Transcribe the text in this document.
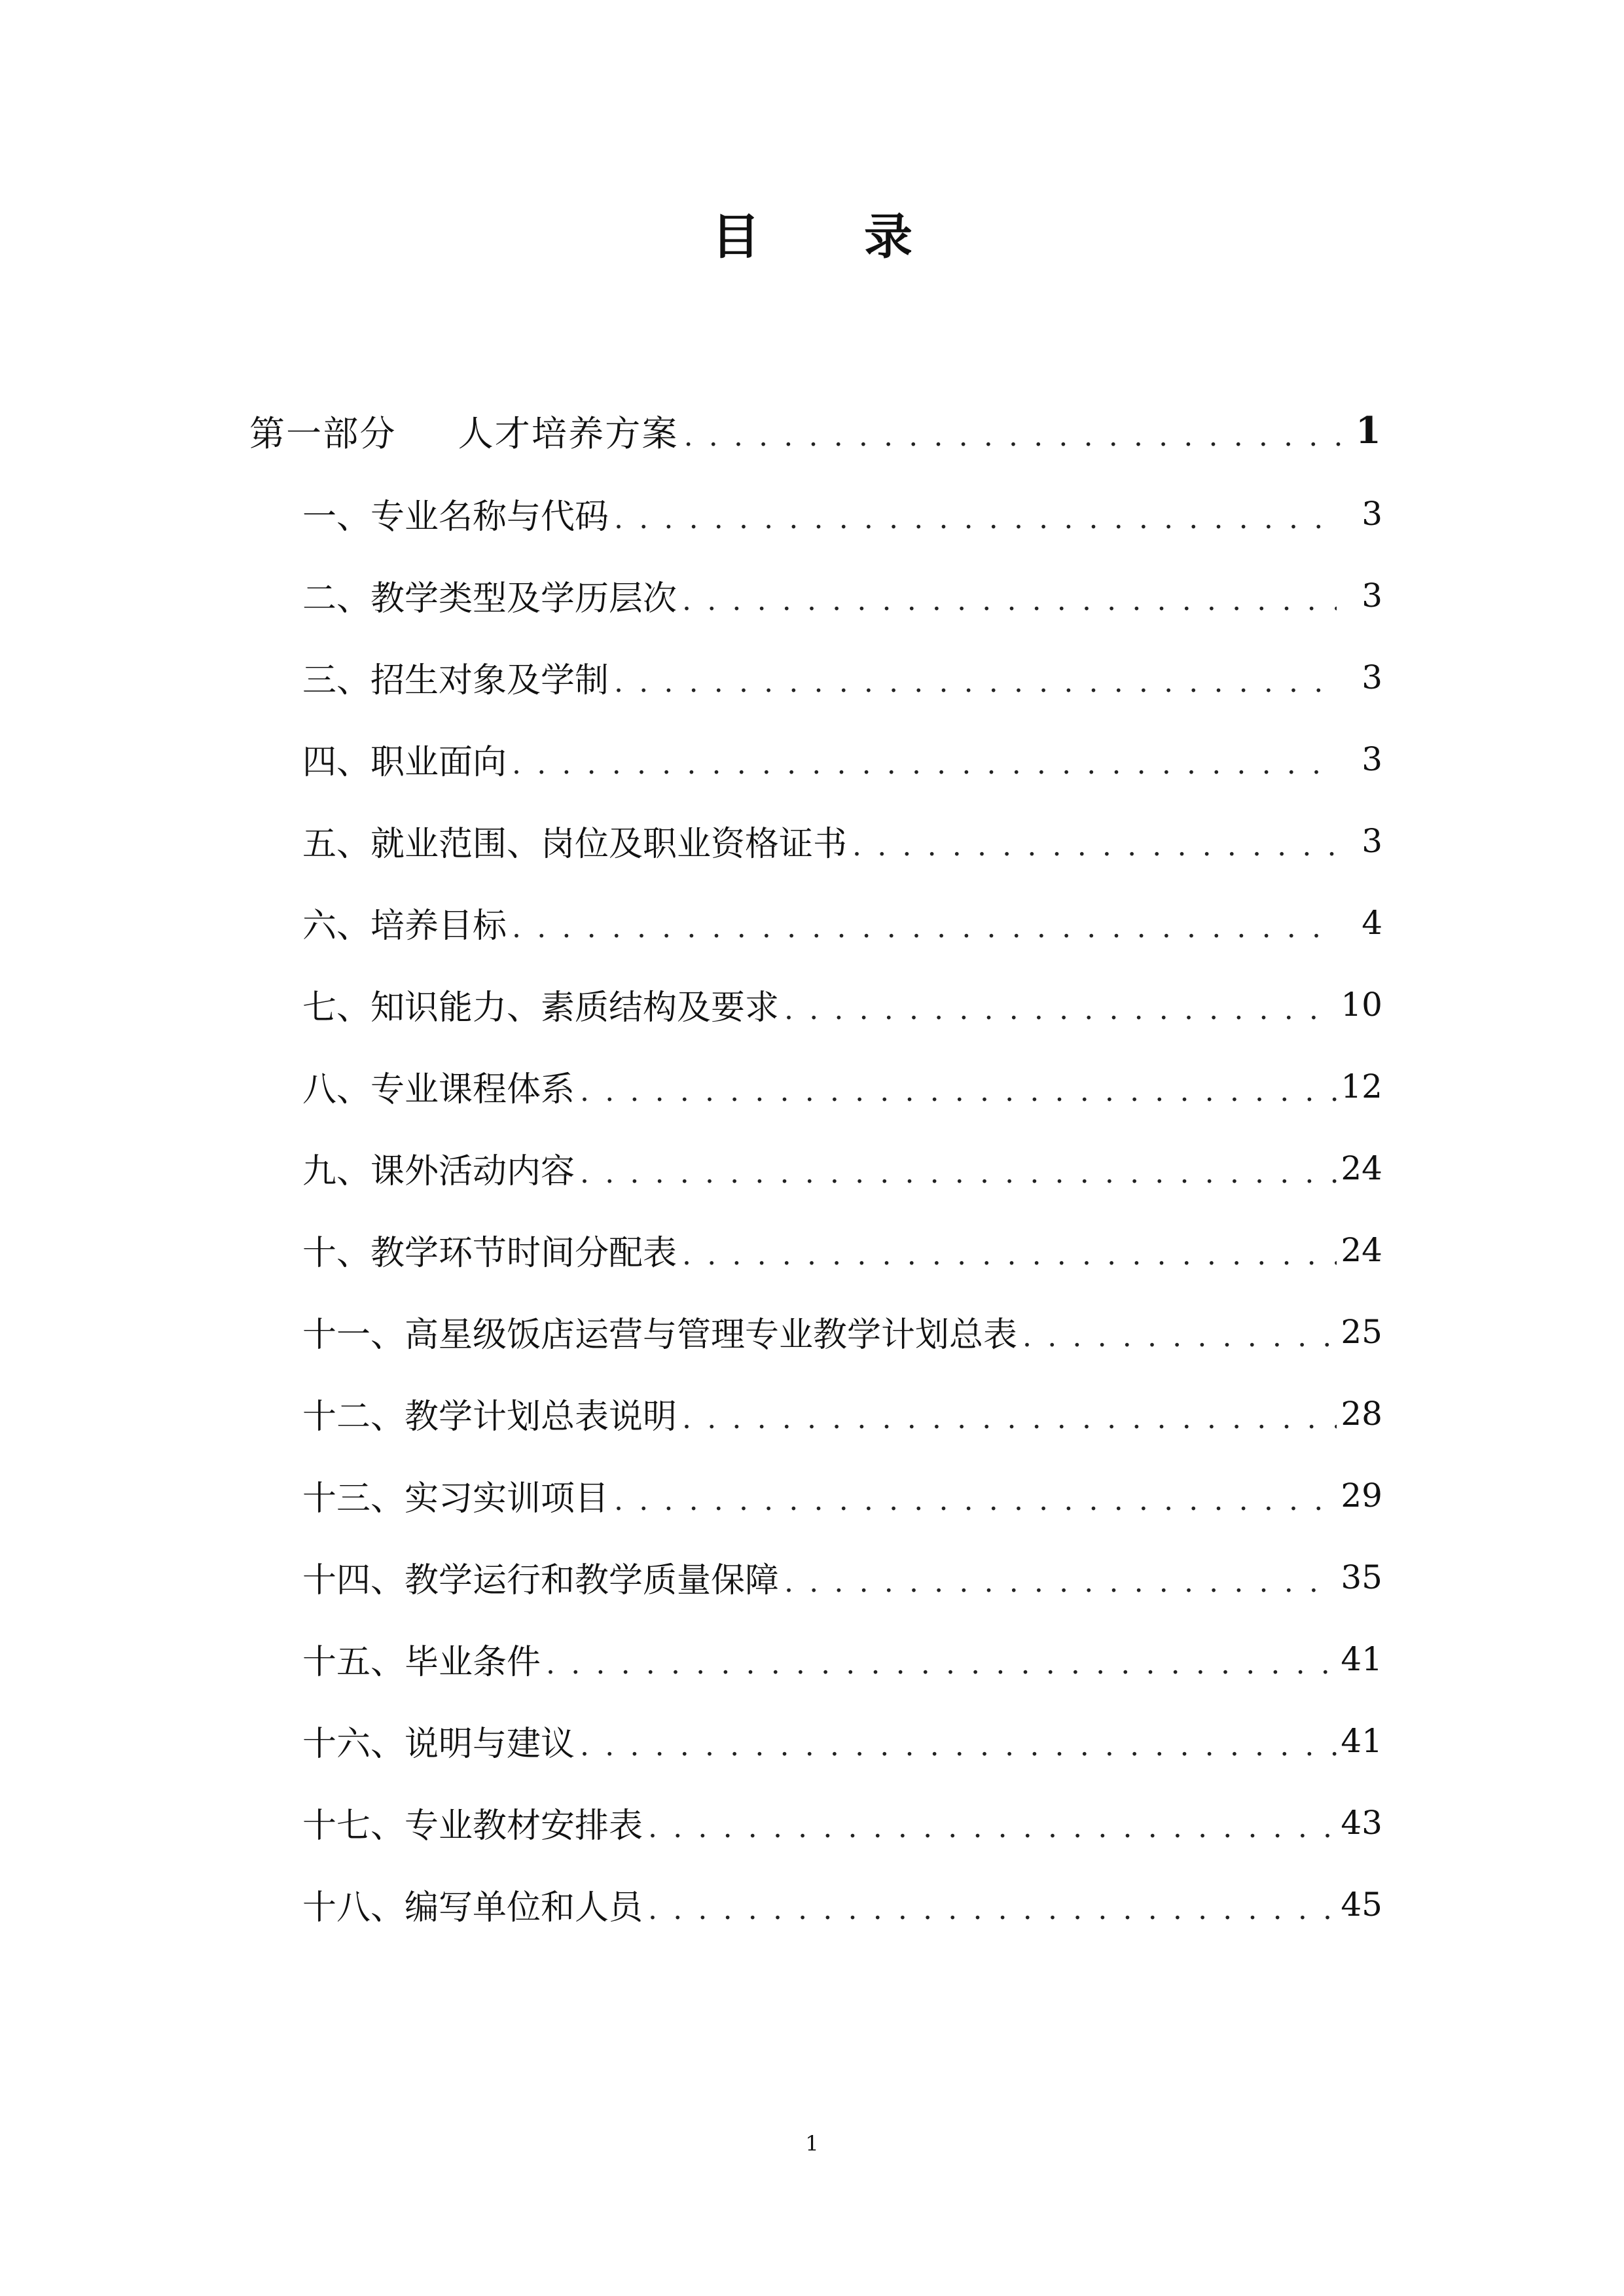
目 录
第一部分 人才培养方案 .....	1
一、专业名称与代码 .....	3
二、教学类型及学历层次 .....	3
三、招生对象及学制 .....	3
四、职业面向 .....	3
五、就业范围、岗位及职业资格证书 .....	3
六、培养目标 .....	4
七、知识能力、素质结构及要求 .....	10
八、专业课程体系 .....	12
九、课外活动内容 .....	24
十、教学环节时间分配表 .....	24
十一、高星级饭店运营与管理专业教学计划总表 .....	25
十二、教学计划总表说明 .....	28
十三、实习实训项目 .....	29
十四、教学运行和教学质量保障 .....	35
十五、毕业条件 .....	41
十六、说明与建议 .....	41
十七、专业教材安排表 .....	43
十八、编写单位和人员 .....	45
1
